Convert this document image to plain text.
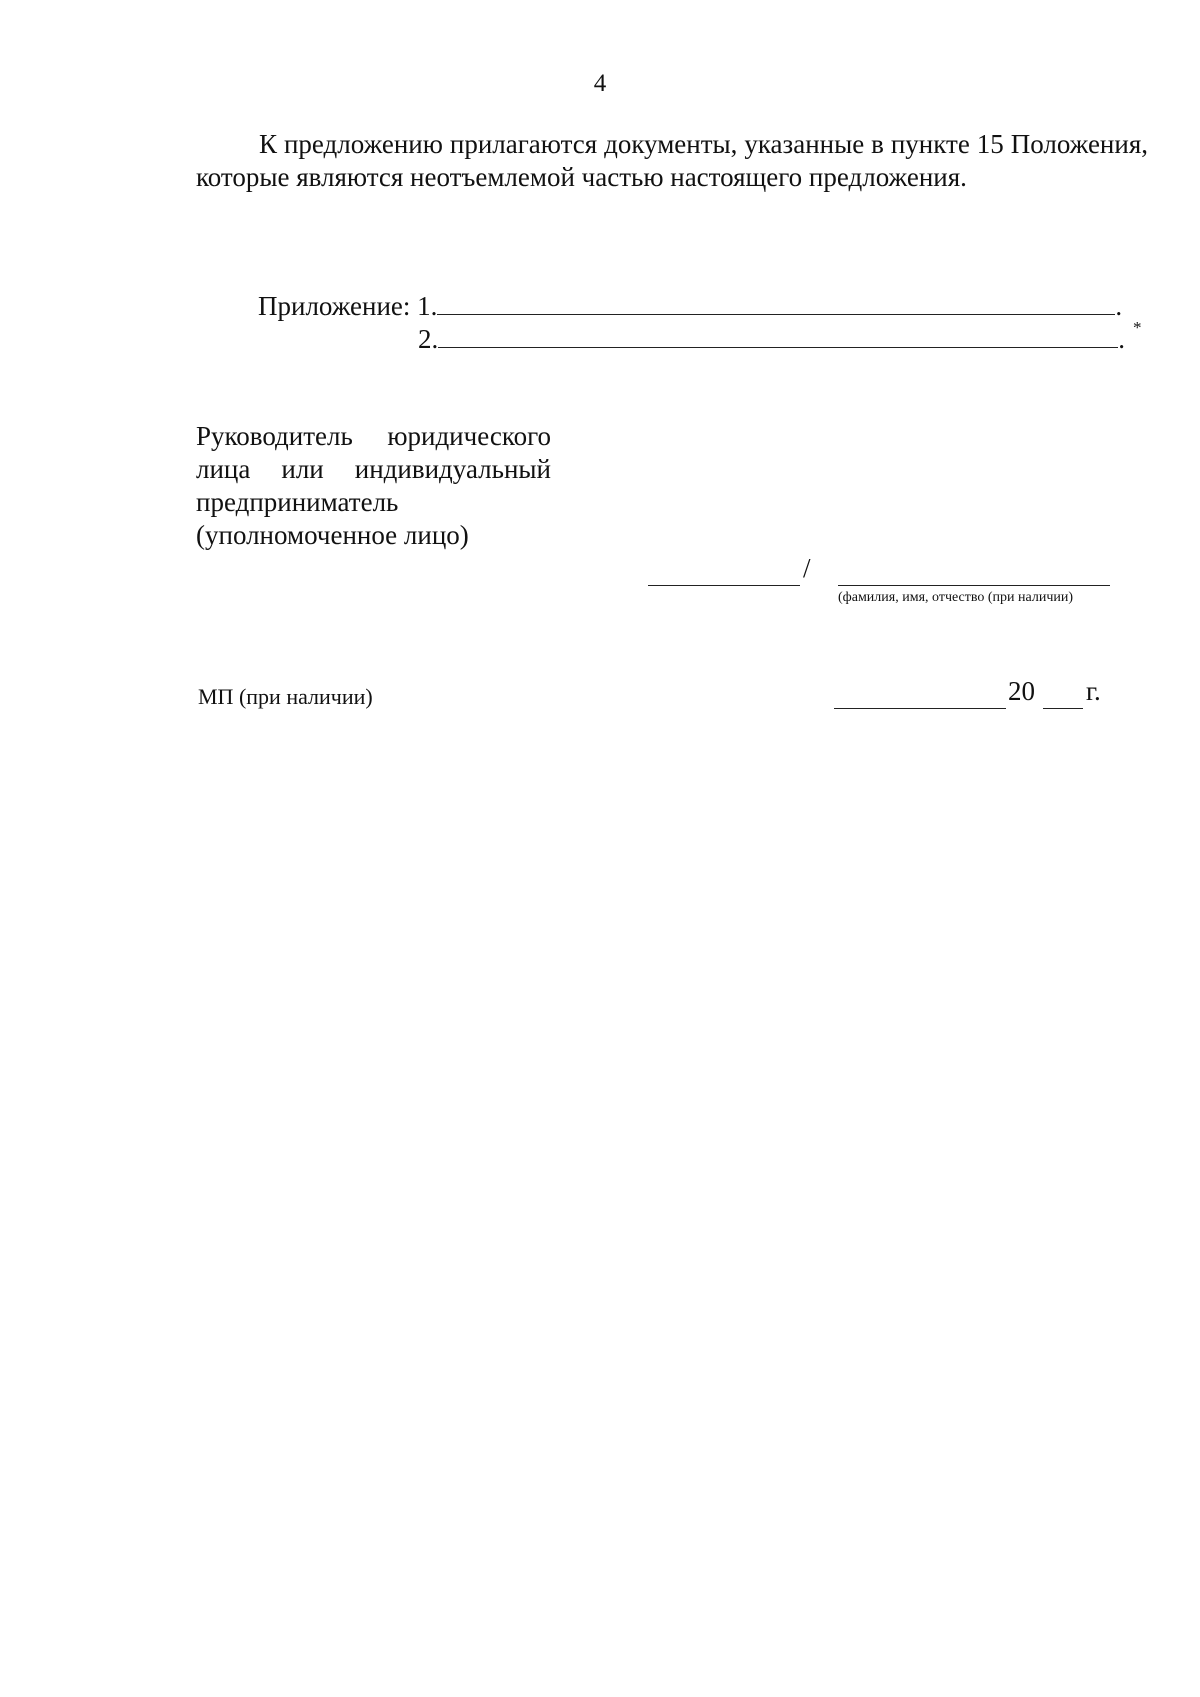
4
К предложению прилагаются документы, указанные в пункте 15 Положения, которые являются неотъемлемой частью настоящего предложения.
Приложение: 1.	.
2.	. *
Руководитель юридического лица или индивидуальный предприниматель (уполномоченное лицо)
/
(фамилия, имя, отчество (при наличии)
МП (при наличии)	20 г.
